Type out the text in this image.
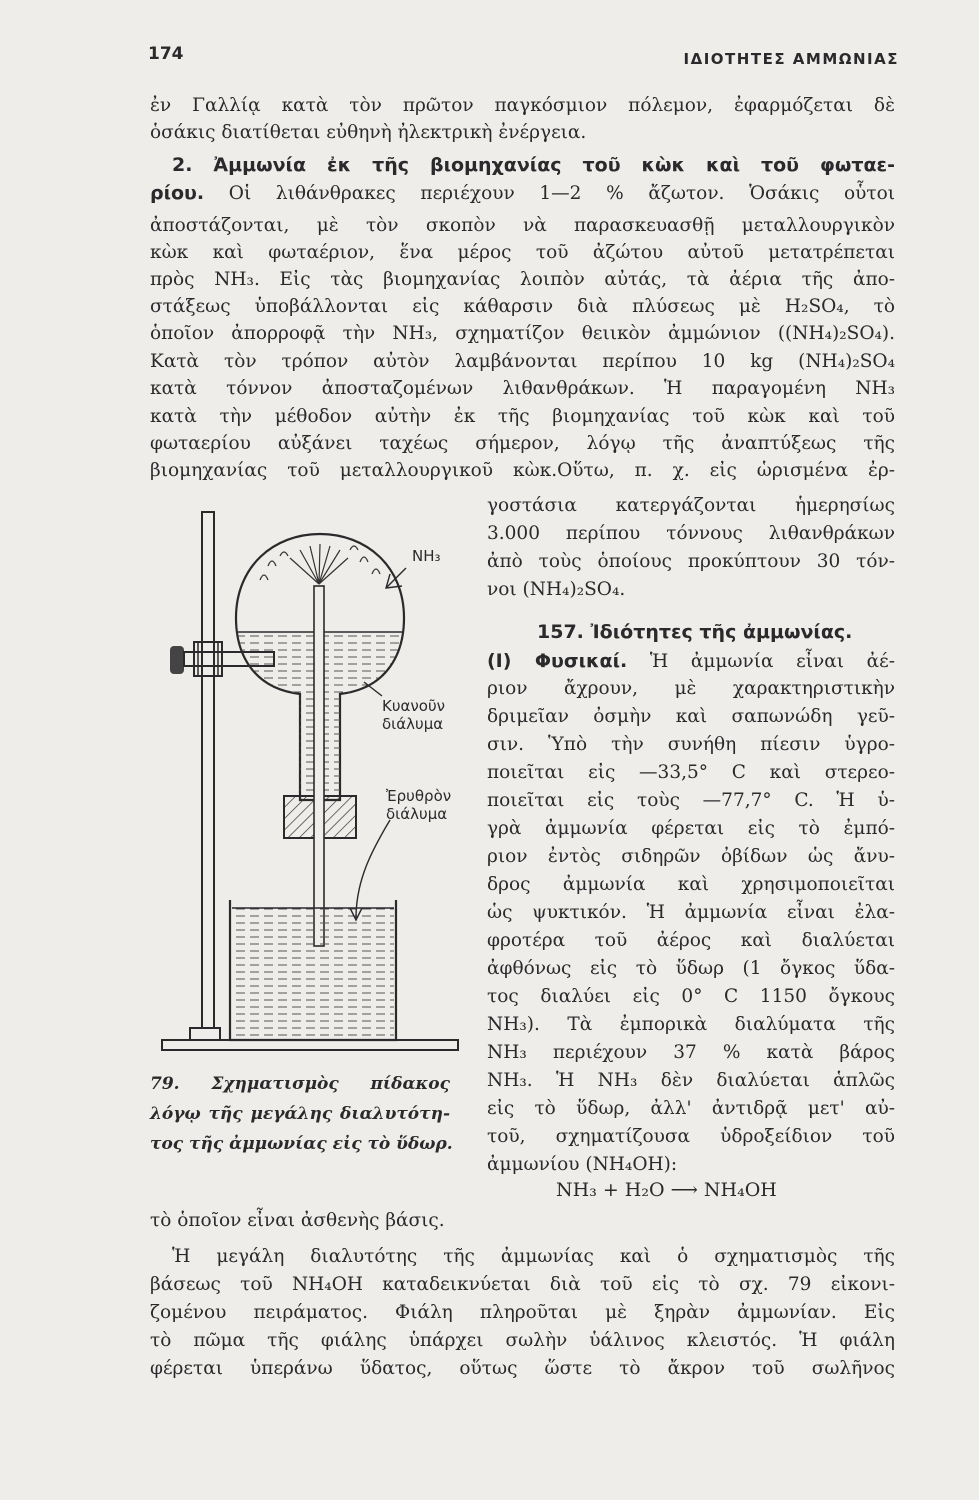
174	ΙΔΙΟΤΗΤΕΣ ΑΜΜΩΝΙΑΣ

ἐν Γαλλίᾳ κατὰ τὸν πρῶτον παγκόσμιον πόλεμον, ἐφαρμόζεται δὲ

ὁσάκις διατίθεται εὐθηνὴ ἠλεκτρικὴ ἐνέργεια.

2. Ἀμμωνία ἐκ τῆς βιομηχανίας τοῦ κὼκ καὶ τοῦ φωταε-

ρίου. Οἱ λιθάνθρακες περιέχουν 1—2 % ἄζωτον. Ὁσάκις οὗτοι

ἀποστάζονται, μὲ τὸν σκοπὸν νὰ παρασκευασθῇ μεταλλουργικὸν

κὼκ καὶ φωταέριον, ἕνα μέρος τοῦ ἀζώτου αὐτοῦ μετατρέπεται

πρὸς NH₃. Εἰς τὰς βιομηχανίας λοιπὸν αὐτάς, τὰ ἀέρια τῆς ἀπο-

στάξεως ὑποβάλλονται εἰς κάθαρσιν διὰ πλύσεως μὲ H₂SO₄, τὸ

ὁποῖον ἀπορροφᾷ τὴν NH₃, σχηματίζον θειικὸν ἀμμώνιον ((NH₄)₂SO₄).

Κατὰ τὸν τρόπον αὐτὸν λαμβάνονται περίπου 10 kg (NH₄)₂SO₄

κατὰ τόννον ἀποσταζομένων λιθανθράκων. Ἡ παραγομένη NH₃

κατὰ τὴν μέθοδον αὐτὴν ἐκ τῆς βιομηχανίας τοῦ κὼκ καὶ τοῦ

φωταερίου αὐξάνει ταχέως σήμερον, λόγῳ τῆς ἀναπτύξεως τῆς

βιομηχανίας τοῦ μεταλλουργικοῦ κὼκ.Οὕτω, π. χ. εἰς ὡρισμένα ἐρ-

γοστάσια κατεργάζονται ἡμερησίως

3.000 περίπου τόννους λιθανθράκων

ἀπὸ τοὺς ὁποίους προκύπτουν 30 τόν-

νοι (NH₄)₂SO₄.

NH₃
Κυανοῦν
διάλυμα
Ἐρυθρὸν
διάλυμα
79. Σχηματισμὸς πίδακος
λόγῳ τῆς μεγάλης διαλυτότη-
τος τῆς ἀμμωνίας εἰς τὸ ὕδωρ.

157. Ἰδιότητες τῆς ἀμμωνίας.

(I) Φυσικαί. Ἡ ἀμμωνία εἶναι ἀέ-

ριον ἄχρουν, μὲ χαρακτηριστικὴν

δριμεῖαν ὀσμὴν καὶ σαπωνώδη γεῦ-

σιν. Ὑπὸ τὴν συνήθη πίεσιν ὑγρο-

ποιεῖται εἰς —33,5° C καὶ στερεο-

ποιεῖται εἰς τοὺς —77,7° C. Ἡ ὑ-

γρὰ ἀμμωνία φέρεται εἰς τὸ ἐμπό-

ριον ἐντὸς σιδηρῶν ὀβίδων ὡς ἄνυ-

δρος ἀμμωνία καὶ χρησιμοποιεῖται

ὡς ψυκτικόν. Ἡ ἀμμωνία εἶναι ἐλα-

φροτέρα τοῦ ἀέρος καὶ διαλύεται

ἀφθόνως εἰς τὸ ὕδωρ (1 ὄγκος ὕδα-

τος διαλύει εἰς 0° C 1150 ὄγκους

NH₃). Τὰ ἐμπορικὰ διαλύματα τῆς

NH₃ περιέχουν 37 % κατὰ βάρος

NH₃. Ἡ NH₃ δὲν διαλύεται ἁπλῶς

εἰς τὸ ὕδωρ, ἀλλ' ἀντιδρᾷ μετ' αὐ-

τοῦ, σχηματίζουσα ὑδροξείδιον τοῦ

ἀμμωνίου (NH₄OH):

NH₃ + H₂O ⟶ NH₄OH

τὸ ὁποῖον εἶναι ἀσθενὴς βάσις.

Ἡ μεγάλη διαλυτότης τῆς ἀμμωνίας καὶ ὁ σχηματισμὸς τῆς

βάσεως τοῦ NH₄OH καταδεικνύεται διὰ τοῦ εἰς τὸ σχ. 79 εἰκονι-

ζομένου πειράματος. Φιάλη πληροῦται μὲ ξηρὰν ἀμμωνίαν. Εἰς

τὸ πῶμα τῆς φιάλης ὑπάρχει σωλὴν ὑάλινος κλειστός. Ἡ φιάλη

φέρεται ὑπεράνω ὕδατος, οὕτως ὥστε τὸ ἄκρον τοῦ σωλῆνος
